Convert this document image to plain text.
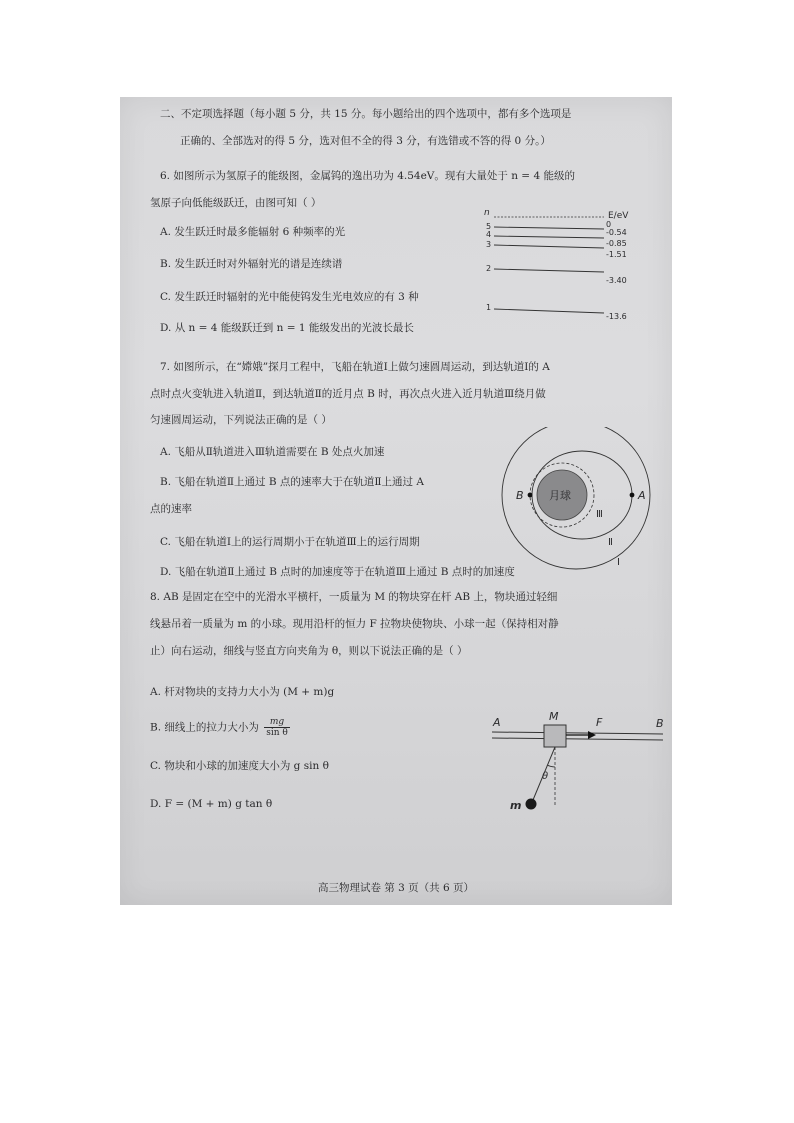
二、不定项选择题（每小题 5 分，共 15 分。每小题给出的四个选项中，都有多个选项是
正确的、全部选对的得 5 分，选对但不全的得 3 分，有选错或不答的得 0 分。）
6. 如图所示为氢原子的能级图，金属钨的逸出功为 4.54eV。现有大量处于 n = 4 能级的
氢原子向低能级跃迁，由图可知（ ）
A. 发生跃迁时最多能辐射 6 种频率的光
B. 发生跃迁时对外辐射光的谱是连续谱
C. 发生跃迁时辐射的光中能使钨发生光电效应的有 3 种
D. 从 n = 4 能级跃迁到 n = 1 能级发出的光波长最长
n	E/eV
0
5
-0.54
4
-0.85
3
-1.51
2
-3.40
1
-13.6
7. 如图所示，在“嫦娥”探月工程中，飞船在轨道Ⅰ上做匀速圆周运动，到达轨道Ⅰ的 A
点时点火变轨进入轨道Ⅱ，到达轨道Ⅱ的近月点 B 时，再次点火进入近月轨道Ⅲ绕月做
匀速圆周运动，下列说法正确的是（ ）
A. 飞船从Ⅱ轨道进入Ⅲ轨道需要在 B 处点火加速
B. 飞船在轨道Ⅱ上通过 B 点的速率大于在轨道Ⅱ上通过 A
点的速率
C. 飞船在轨道Ⅰ上的运行周期小于在轨道Ⅲ上的运行周期
D. 飞船在轨道Ⅱ上通过 B 点时的加速度等于在轨道Ⅲ上通过 B 点时的加速度
月球
B	A
Ⅲ
Ⅱ
Ⅰ
8. AB 是固定在空中的光滑水平横杆，一质量为 M 的物块穿在杆 AB 上，物块通过轻细
线悬吊着一质量为 m 的小球。现用沿杆的恒力 F 拉物块使物块、小球一起（保持相对静
止）向右运动，细线与竖直方向夹角为 θ，则以下说法正确的是（ ）
A. 杆对物块的支持力大小为 (M + m)g
B. 细线上的拉力大小为 $\frac{mg}{\text{sin θ}}$
C. 物块和小球的加速度大小为 g sin θ
D. F = (M + m) g tan θ
A	B
M	F
θ
m
高三物理试卷 第 3 页（共 6 页）
